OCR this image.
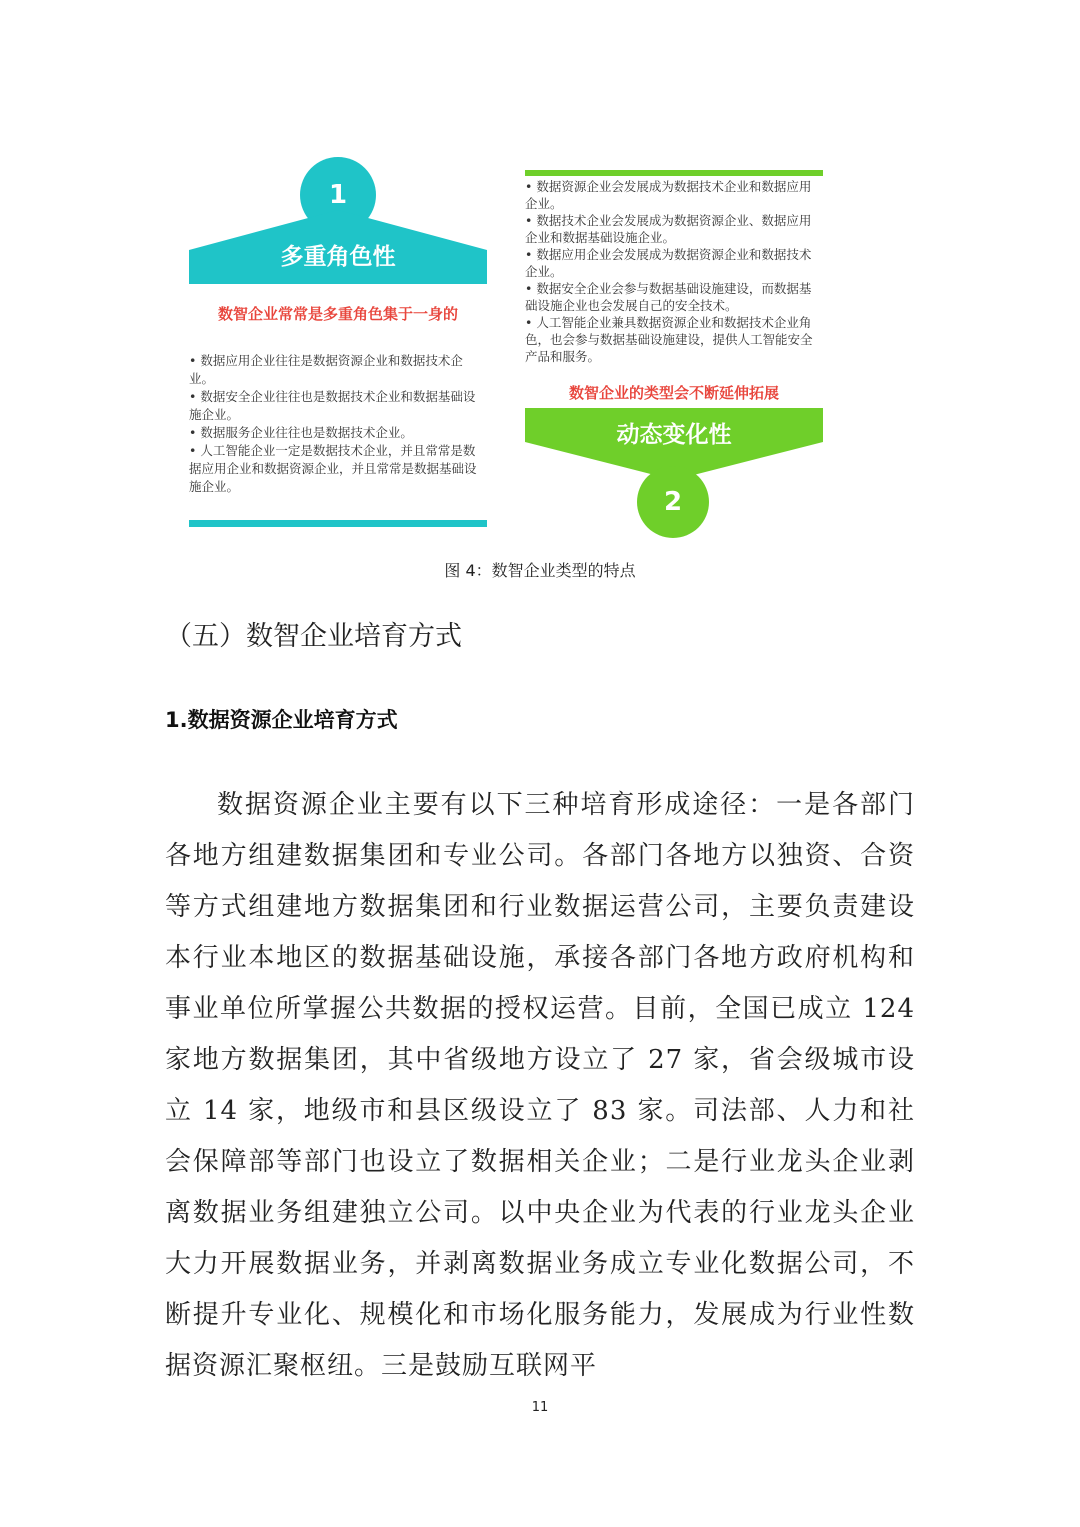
1
多重角色性
数智企业常常是多重角色集于一身的
• 数据应用企业往往是数据资源企业和数据技术企业。
• 数据安全企业往往也是数据技术企业和数据基础设施企业。
• 数据服务企业往往也是数据技术企业。
• 人工智能企业一定是数据技术企业，并且常常是数据应用企业和数据资源企业，并且常常是数据基础设施企业。
• 数据资源企业会发展成为数据技术企业和数据应用企业。
• 数据技术企业会发展成为数据资源企业、数据应用企业和数据基础设施企业。
• 数据应用企业会发展成为数据资源企业和数据技术企业。
• 数据安全企业会参与数据基础设施建设，而数据基础设施企业也会发展自己的安全技术。
• 人工智能企业兼具数据资源企业和数据技术企业角色，也会参与数据基础设施建设，提供人工智能安全产品和服务。
数智企业的类型会不断延伸拓展
动态变化性
2
图 4：数智企业类型的特点
（五）数智企业培育方式
1.数据资源企业培育方式

数据资源企业主要有以下三种培育形成途径：一是各部门各地方组建数据集团和专业公司。各部门各地方以独资、合资等方式组建地方数据集团和行业数据运营公司，主要负责建设本行业本地区的数据基础设施，承接各部门各地方政府机构和事业单位所掌握公共数据的授权运营。目前，全国已成立 124 家地方数据集团，其中省级地方设立了 27 家，省会级城市设立 14 家，地级市和县区级设立了 83 家。司法部、人力和社会保障部等部门也设立了数据相关企业；二是行业龙头企业剥离数据业务组建独立公司。以中央企业为代表的行业龙头企业大力开展数据业务，并剥离数据业务成立专业化数据公司，不断提升专业化、规模化和市场化服务能力，发展成为行业性数据资源汇聚枢纽。三是鼓励互联网平

11
